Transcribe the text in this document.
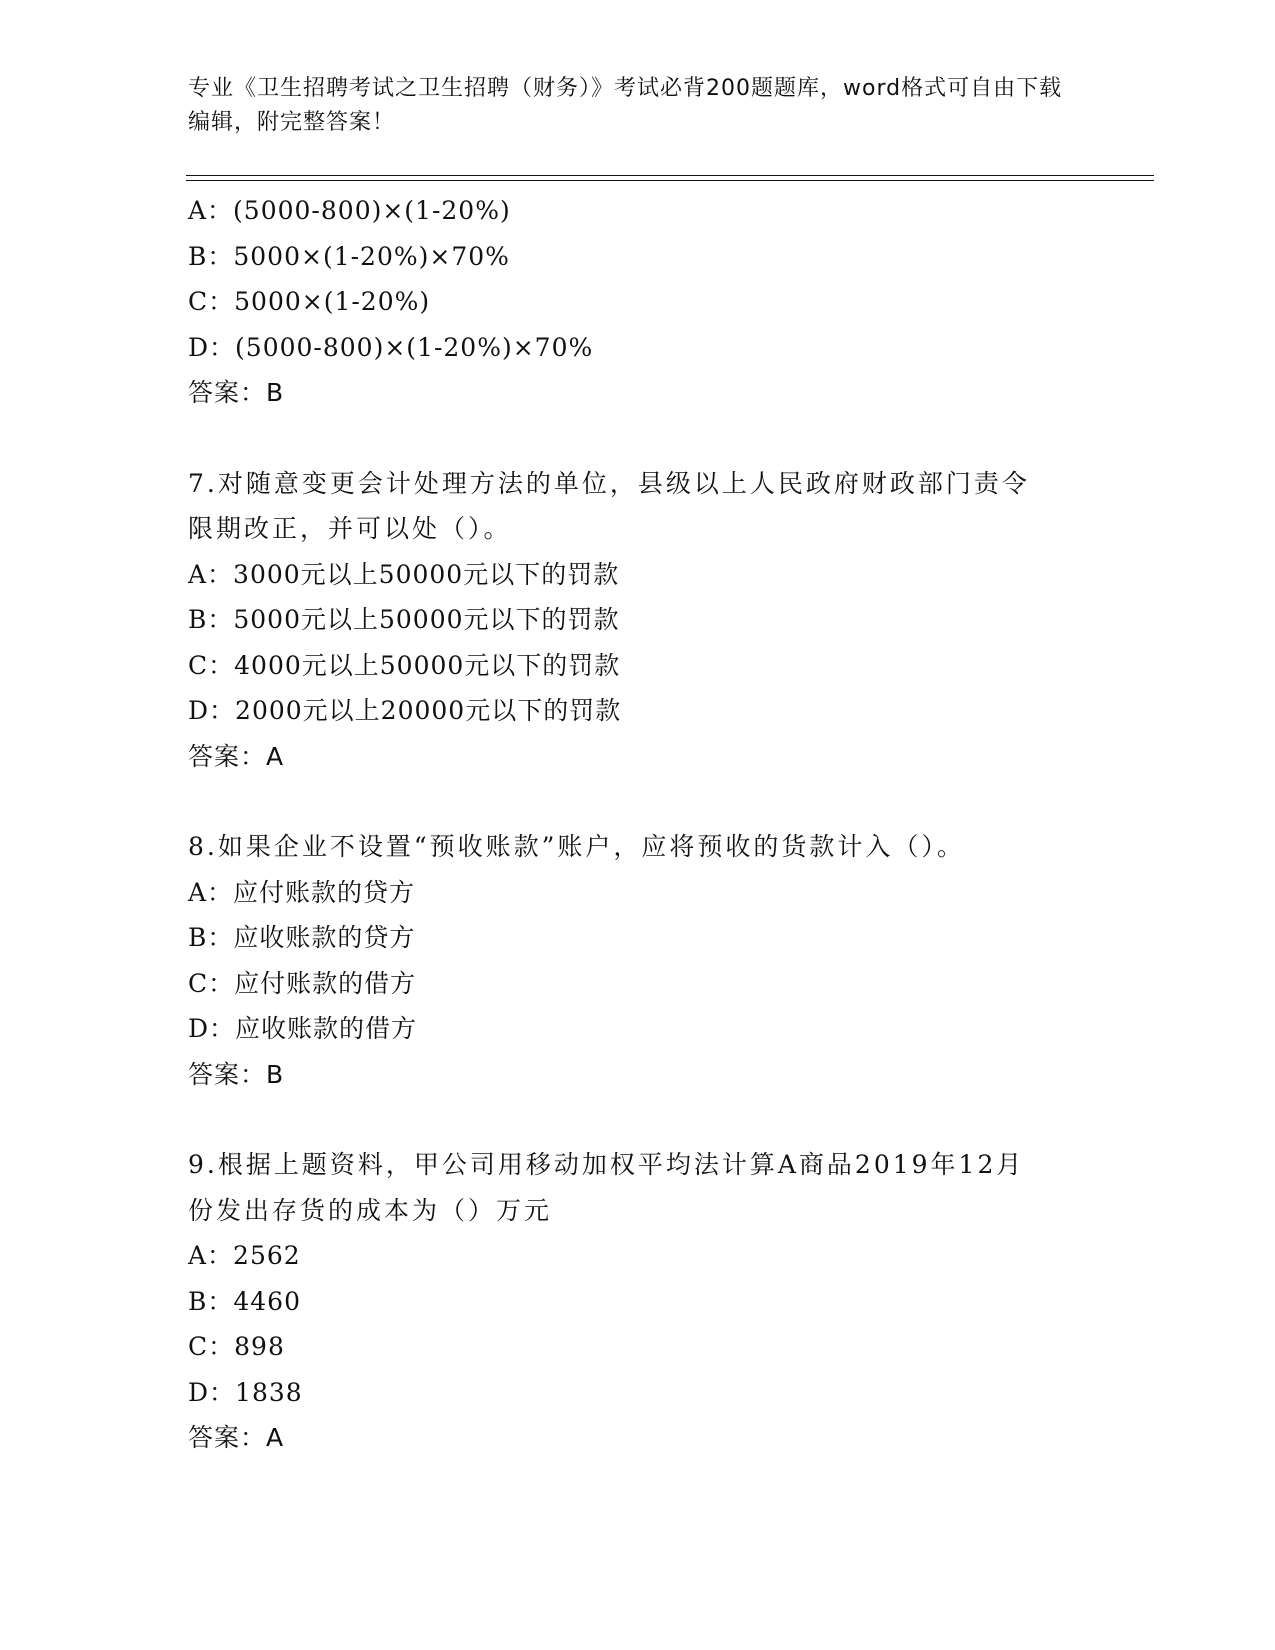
专业《卫生招聘考试之卫生招聘（财务）》考试必背200题题库，word格式可自由下载编辑，附完整答案！
A：(5000-800)×(1-20%)
B：5000×(1-20%)×70%
C：5000×(1-20%)
D：(5000-800)×(1-20%)×70%
答案：B
7.对随意变更会计处理方法的单位，县级以上人民政府财政部门责令限期改正，并可以处（）。
A：3000元以上50000元以下的罚款
B：5000元以上50000元以下的罚款
C：4000元以上50000元以下的罚款
D：2000元以上20000元以下的罚款
答案：A
8.如果企业不设置“预收账款”账户，应将预收的货款计入（）。
A：应付账款的贷方
B：应收账款的贷方
C：应付账款的借方
D：应收账款的借方
答案：B
9.根据上题资料，甲公司用移动加权平均法计算A商品2019年12月份发出存货的成本为（）万元
A：2562
B：4460
C：898
D：1838
答案：A
